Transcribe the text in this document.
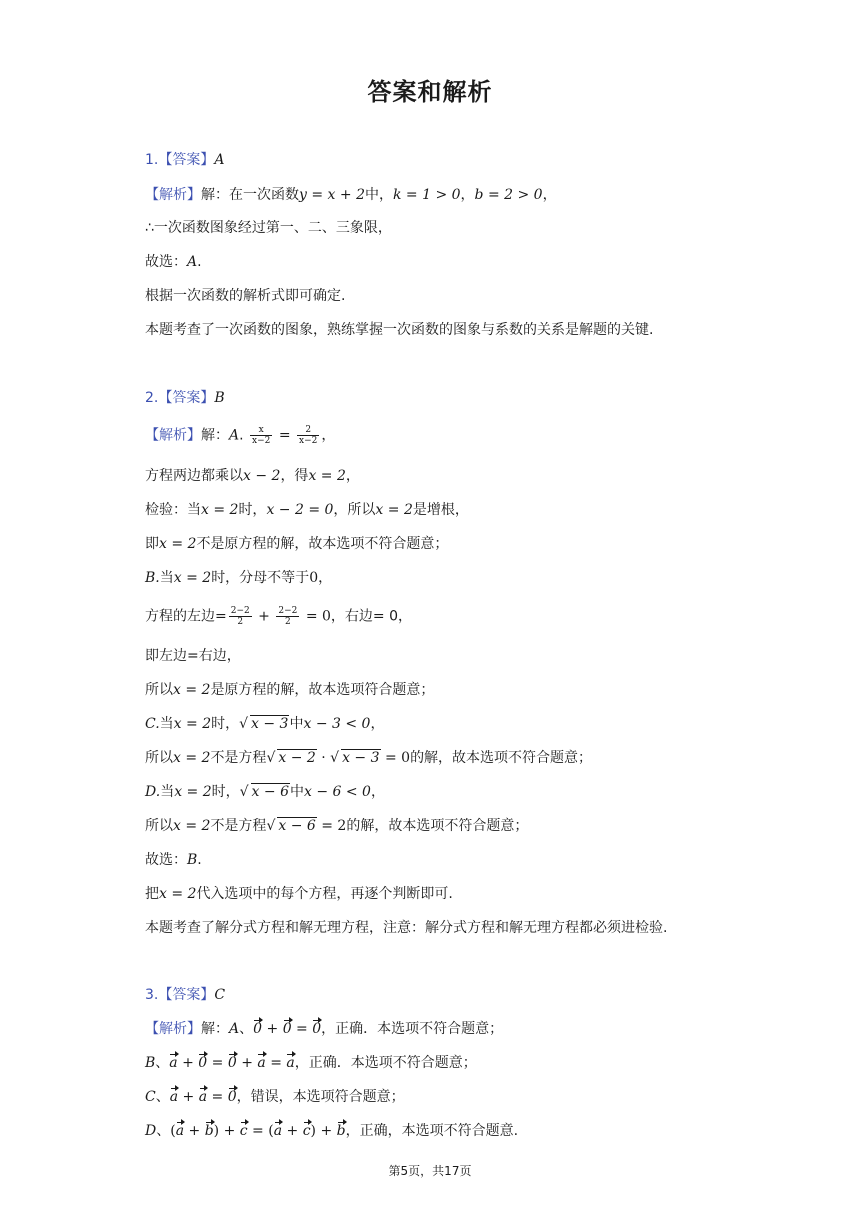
答案和解析
1.【答案】A
【解析】解：在一次函数y = x + 2中，k = 1 > 0，b = 2 > 0，
∴一次函数图象经过第一、二、三象限，
故选：A.
根据一次函数的解析式即可确定.
本题考查了一次函数的图象，熟练掌握一次函数的图象与系数的关系是解题的关键.
2.【答案】B
【解析】解：A. $\frac{x}{x-2} = \frac{2}{x-2}$ ，
方程两边都乘以x − 2，得x = 2，
检验：当x = 2时，x − 2 = 0，所以x = 2是增根，
即x = 2不是原方程的解，故本选项不符合题意；
B.当x = 2时，分母不等于0，
方程的左边= $\frac{2-2}{2} + \frac{2-2}{2} = 0$，右边= 0，
即左边=右边，
所以x = 2是原方程的解，故本选项符合题意；
C.当x = 2时，√ x − 3中x − 3 < 0，
所以x = 2不是方程√ x − 2 · √ x − 3 = 0的解，故本选项不符合题意；
D.当x = 2时，√ x − 6中x − 6 < 0，
所以x = 2不是方程√ x − 6 = 2的解，故本选项不符合题意；
故选：B.
把x = 2代入选项中的每个方程，再逐个判断即可.
本题考查了解分式方程和解无理方程，注意：解分式方程和解无理方程都必须进检验.
3.【答案】C
【解析】解：A、0 + 0 = 0，正确．本选项不符合题意；
B、a + 0 = 0 + a = a，正确．本选项不符合题意；
C、a + a = 0，错误，本选项符合题意；
D、(a + b) + c = (a + c) + b，正确，本选项不符合题意.
第5页，共17页
